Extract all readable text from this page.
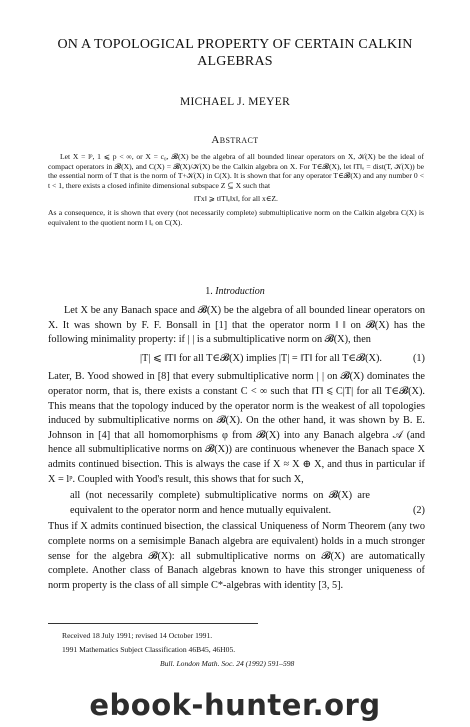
ON A TOPOLOGICAL PROPERTY OF CERTAIN CALKIN
ALGEBRAS
MICHAEL J. MEYER
Abstract

Let X = lᵖ, 1 ⩽ p < ∞, or X = c₀, 𝓑(X) be the algebra of all bounded linear operators on X, 𝒦(X) be the ideal of compact operators in 𝓑(X), and C(X) = 𝓑(X)/𝒦(X) be the Calkin algebra on X. For T∈𝓑(X), let ‖T‖ₑ = dist(T, 𝒦(X)) be the essential norm of T that is the norm of T+𝒦(X) in C(X). It is shown that for any operator T∈𝓑(X) and any number 0 < t < 1, there exists a closed infinite dimensional subspace Z ⊆ X such that

‖Tx‖ ⩾ t‖T‖ₑ‖x‖, for all x∈Z.

As a consequence, it is shown that every (not necessarily complete) submultiplicative norm on the Calkin algebra C(X) is equivalent to the quotient norm ‖ ‖ₑ on C(X).

1. Introduction

Let X be any Banach space and 𝓑(X) be the algebra of all bounded linear operators on X. It was shown by F. F. Bonsall in [1] that the operator norm ‖ ‖ on 𝓑(X) has the following minimality property: if | | is a submultiplicative norm on 𝓑(X), then

|T| ⩽ ‖T‖ for all T∈𝓑(X) implies |T| = ‖T‖ for all T∈𝓑(X).	(1)

Later, B. Yood showed in [8] that every submultiplicative norm | | on 𝓑(X) dominates the operator norm, that is, there exists a constant C < ∞ such that ‖T‖ ⩽ C|T| for all T∈𝓑(X). This means that the topology induced by the operator norm is the weakest of all topologies induced by submultiplicative norms on 𝓑(X). On the other hand, it was shown by B. E. Johnson in [4] that all homomorphisms φ from 𝓑(X) into any Banach algebra 𝒜 (and hence all submultiplicative norms on 𝓑(X)) are continuous whenever the Banach space X admits continued bisection. This is always the case if X ≈ X ⊕ X, and thus in particular if X = lᵖ. Coupled with Yood's result, this shows that for such X,

all (not necessarily complete) submultiplicative norms on 𝓑(X) are equivalent to the operator norm and hence mutually equivalent.	(2)

Thus if X admits continued bisection, the classical Uniqueness of Norm Theorem (any two complete norms on a semisimple Banach algebra are equivalent) holds in a much stronger sense for the algebra 𝓑(X): all submultiplicative norms on 𝓑(X) are automatically complete. Another class of Banach algebras known to have this stronger uniqueness of norm property is the class of all simple C*-algebras with identity [3, 5].

Received 18 July 1991; revised 14 October 1991.
1991 Mathematics Subject Classification 46B45, 46H05.
Bull. London Math. Soc. 24 (1992) 591–598
ebook-hunter.org
